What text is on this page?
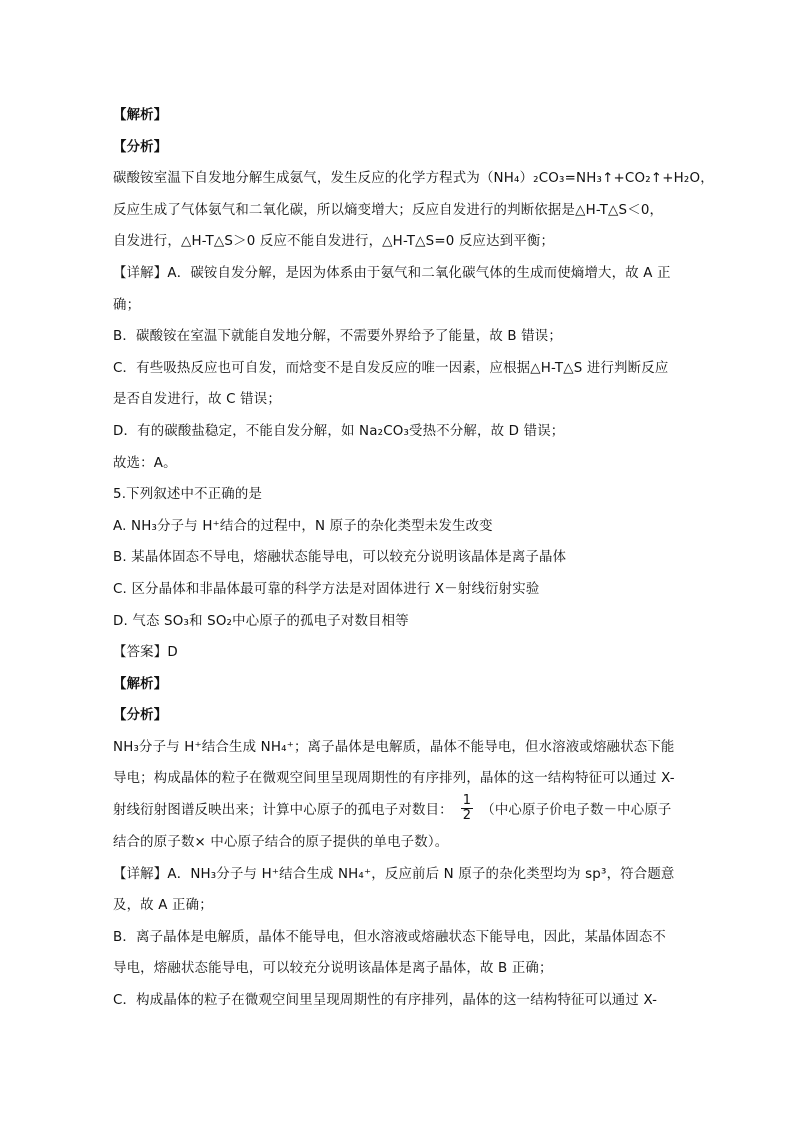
【解析】
【分析】
碳酸铵室温下自发地分解生成氨气，发生反应的化学方程式为（NH₄）₂CO₃=NH₃↑+CO₂↑+H₂O，
反应生成了气体氨气和二氧化碳，所以熵变增大；反应自发进行的判断依据是△H-T△S＜0，
自发进行，△H-T△S＞0 反应不能自发进行，△H-T△S=0 反应达到平衡；
【详解】A．碳铵自发分解，是因为体系由于氨气和二氧化碳气体的生成而使熵增大，故 A 正
确；
B．碳酸铵在室温下就能自发地分解，不需要外界给予了能量，故 B 错误；
C．有些吸热反应也可自发，而焓变不是自发反应的唯一因素，应根据△H-T△S 进行判断反应
是否自发进行，故 C 错误；
D．有的碳酸盐稳定，不能自发分解，如 Na₂CO₃受热不分解，故 D 错误；
故选：A。
5.下列叙述中不正确的是
A. NH₃分子与 H⁺结合的过程中，N 原子的杂化类型未发生改变
B. 某晶体固态不导电，熔融状态能导电，可以较充分说明该晶体是离子晶体
C. 区分晶体和非晶体最可靠的科学方法是对固体进行 X－射线衍射实验
D. 气态 SO₃和 SO₂中心原子的孤电子对数目相等
【答案】D
【解析】
【分析】
NH₃分子与 H⁺结合生成 NH₄⁺；离子晶体是电解质，晶体不能导电，但水溶液或熔融状态下能
导电；构成晶体的粒子在微观空间里呈现周期性的有序排列，晶体的这一结构特征可以通过 X-
射线衍射图谱反映出来；计算中心原子的孤电子对数目： $\frac{1}{2}$ （中心原子价电子数－中心原子
结合的原子数× 中心原子结合的原子提供的单电子数）。
【详解】A．NH₃分子与 H⁺结合生成 NH₄⁺，反应前后 N 原子的杂化类型均为 sp³，符合题意
及，故 A 正确；
B．离子晶体是电解质，晶体不能导电，但水溶液或熔融状态下能导电，因此，某晶体固态不
导电，熔融状态能导电，可以较充分说明该晶体是离子晶体，故 B 正确；
C．构成晶体的粒子在微观空间里呈现周期性的有序排列，晶体的这一结构特征可以通过 X-
